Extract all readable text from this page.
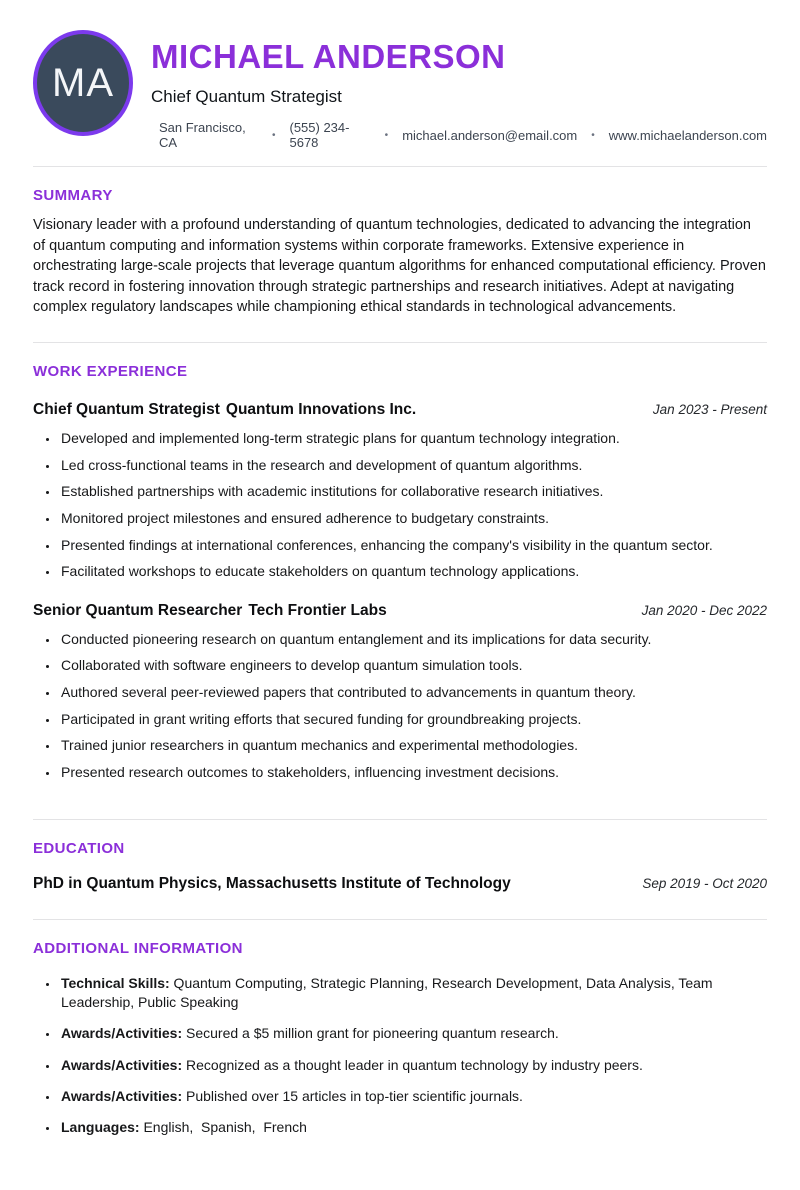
MA
MICHAEL ANDERSON
Chief Quantum Strategist
San Francisco, CA	• (555) 234-5678	• michael.anderson@email.com • www.michaelanderson.com
SUMMARY

Visionary leader with a profound understanding of quantum technologies, dedicated to advancing the integration of quantum computing and information systems within corporate frameworks. Extensive experience in orchestrating large-scale projects that leverage quantum algorithms for enhanced computational efficiency. Proven track record in fostering innovation through strategic partnerships and research initiatives. Adept at navigating complex regulatory landscapes while championing ethical standards in technological advancements.

WORK EXPERIENCE
Chief Quantum Strategist Quantum Innovations Inc.	Jan 2023 - Present
• Developed and implemented long-term strategic plans for quantum technology integration.
• Led cross-functional teams in the research and development of quantum algorithms.
• Established partnerships with academic institutions for collaborative research initiatives.
• Monitored project milestones and ensured adherence to budgetary constraints.
• Presented findings at international conferences, enhancing the company's visibility in the quantum sector.
• Facilitated workshops to educate stakeholders on quantum technology applications.
Senior Quantum Researcher Tech Frontier Labs	Jan 2020 - Dec 2022
• Conducted pioneering research on quantum entanglement and its implications for data security.
• Collaborated with software engineers to develop quantum simulation tools.
• Authored several peer-reviewed papers that contributed to advancements in quantum theory.
• Participated in grant writing efforts that secured funding for groundbreaking projects.
• Trained junior researchers in quantum mechanics and experimental methodologies.
• Presented research outcomes to stakeholders, influencing investment decisions.
EDUCATION
PhD in Quantum Physics, Massachusetts Institute of Technology	Sep 2019 - Oct 2020
ADDITIONAL INFORMATION
• Technical Skills: Quantum Computing, Strategic Planning, Research Development, Data Analysis, Team Leadership, Public Speaking
• Awards/Activities: Secured a $5 million grant for pioneering quantum research.
• Awards/Activities: Recognized as a thought leader in quantum technology by industry peers.
• Awards/Activities: Published over 15 articles in top-tier scientific journals.
• Languages: English,  Spanish,  French
